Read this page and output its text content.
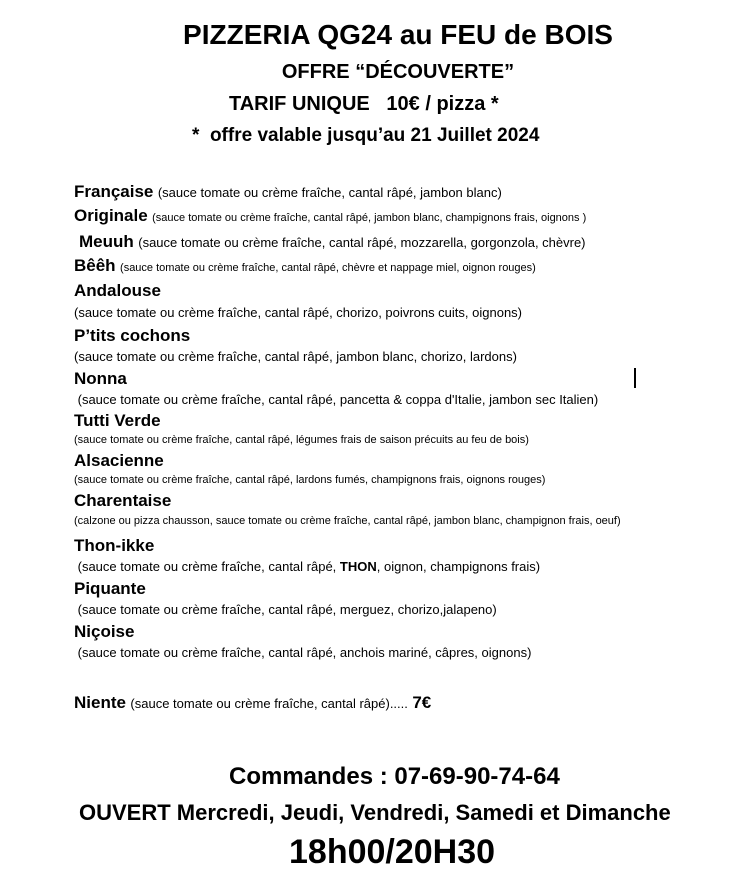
PIZZERIA QG24 au FEU de BOIS
OFFRE “DÉCOUVERTE”
TARIF UNIQUE   10€ / pizza *
*  offre valable jusqu’au 21 Juillet 2024
Française (sauce tomate ou crème fraîche, cantal râpé, jambon blanc)
Originale (sauce tomate ou crème fraîche, cantal râpé, jambon blanc, champignons frais, oignons )
Meuuh (sauce tomate ou crème fraîche, cantal râpé, mozzarella, gorgonzola, chèvre)
Bêêh (sauce tomate ou crème fraîche, cantal râpé, chèvre et nappage miel, oignon rouges)
Andalouse
(sauce tomate ou crème fraîche, cantal râpé, chorizo, poivrons cuits, oignons)
P’tits cochons
(sauce tomate ou crème fraîche, cantal râpé, jambon blanc, chorizo, lardons)
Nonna
(sauce tomate ou crème fraîche, cantal râpé, pancetta & coppa d'Italie, jambon sec Italien)
Tutti Verde
(sauce tomate ou crème fraîche, cantal râpé, légumes frais de saison précuits au feu de bois)
Alsacienne
(sauce tomate ou crème fraîche, cantal râpé, lardons fumés, champignons frais, oignons rouges)
Charentaise
(calzone ou pizza chausson, sauce tomate ou crème fraîche, cantal râpé, jambon blanc, champignon frais, oeuf)
Thon-ikke
(sauce tomate ou crème fraîche, cantal râpé, THON, oignon, champignons frais)
Piquante
(sauce tomate ou crème fraîche, cantal râpé, merguez, chorizo,jalapeno)
Niçoise
(sauce tomate ou crème fraîche, cantal râpé, anchois mariné, câpres, oignons)
Niente (sauce tomate ou crème fraîche, cantal râpé)..... 7€
Commandes : 07-69-90-74-64
OUVERT Mercredi, Jeudi, Vendredi, Samedi et Dimanche
18h00/20H30
